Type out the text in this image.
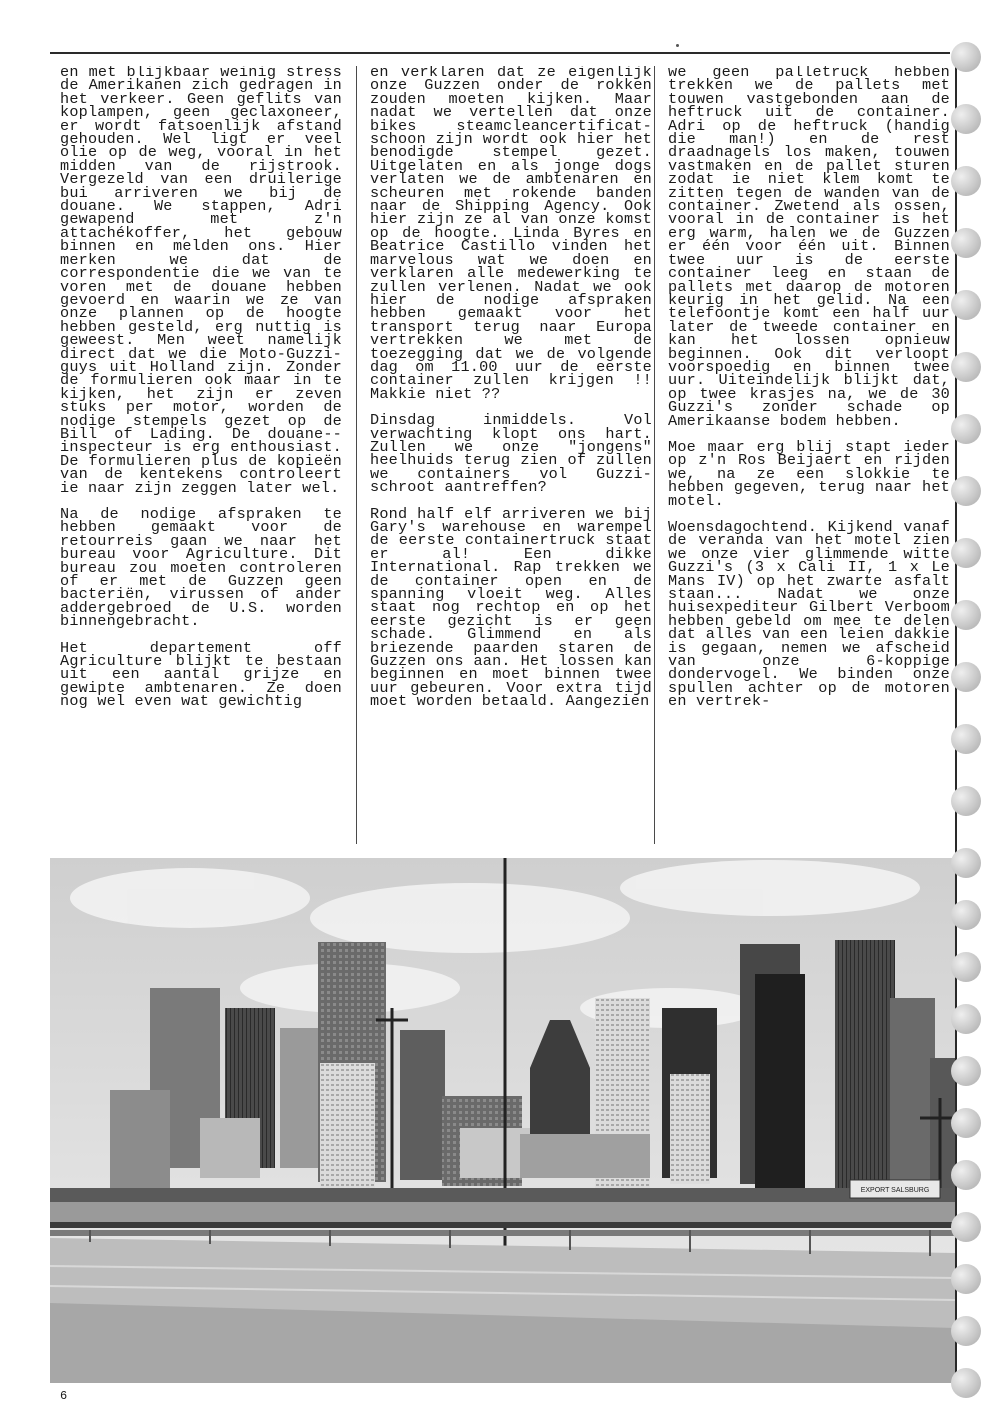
en met blijkbaar weinig stress de Amerikanen zich gedragen in het verkeer. Geen geflits van koplampen, geen geclaxoneer, er wordt fatsoenlijk afstand gehouden. Wel ligt er veel olie op de weg, vooral in het midden van de rijstrook. Vergezeld van een druilerige bui arriveren we bij de douane. We stappen, Adri gewapend met z'n attachékoffer, het gebouw binnen en melden ons. Hier merken we dat de correspondentie die we van te voren met de douane hebben gevoerd en waarin we ze van onze plannen op de hoogte hebben gesteld, erg nuttig is geweest. Men weet namelijk direct dat we die Moto-Guzzi-guys uit Holland zijn. Zonder de formulieren ook maar in te kijken, het zijn er zeven stuks per motor, worden de nodige stempels gezet op de Bill of Lading. De douane--inspecteur is erg enthousiast. De formulieren plus de kopieën van de kentekens controleert ie naar zijn zeggen later wel.

Na de nodige afspraken te hebben gemaakt voor de retourreis gaan we naar het bureau voor Agriculture. Dit bureau zou moeten controleren of er met de Guzzen geen bacteriën, virussen of ander addergebroed de U.S. worden binnengebracht.

Het departement off Agriculture blijkt te bestaan uit een aantal grijze en gewipte ambtenaren. Ze doen nog wel even wat gewichtig

en verklaren dat ze eigenlijk onze Guzzen onder de rokken zouden moeten kijken. Maar nadat we vertellen dat onze bikes steamcleancertificat-schoon zijn wordt ook hier het benodigde stempel gezet. Uitgelaten en als jonge dogs verlaten we de ambtenaren en scheuren met rokende banden naar de Shipping Agency. Ook hier zijn ze al van onze komst op de hoogte. Linda Byres en Beatrice Castillo vinden het marvelous wat we doen en verklaren alle medewerking te zullen verlenen. Nadat we ook hier de nodige afspraken hebben gemaakt voor het transport terug naar Europa vertrekken we met de toezegging dat we de volgende dag om 11.00 uur de eerste container zullen krijgen !! Makkie niet ??

Dinsdag inmiddels. Vol verwachting klopt ons hart. Zullen we onze "jongens" heelhuids terug zien of zullen we containers vol Guzzi-schroot aantreffen?

Rond half elf arriveren we bij Gary's warehouse en warempel de eerste containertruck staat er al! Een dikke International. Rap trekken we de container open en de spanning vloeit weg. Alles staat nog rechtop en op het eerste gezicht is er geen schade. Glimmend en als briezende paarden staren de Guzzen ons aan. Het lossen kan beginnen en moet binnen twee uur gebeuren. Voor extra tijd moet worden betaald. Aangezien

we geen palletruck hebben trekken we de pallets met touwen vastgebonden aan de heftruck uit de container. Adri op de heftruck (handig die man!) en de rest draadnagels los maken, touwen vastmaken en de pallet sturen zodat ie niet klem komt te zitten tegen de wanden van de container. Zwetend als ossen, vooral in de container is het erg warm, halen we de Guzzen er één voor één uit. Binnen twee uur is de eerste container leeg en staan de pallets met daarop de motoren keurig in het gelid. Na een telefoontje komt een half uur later de tweede container en kan het lossen opnieuw beginnen. Ook dit verloopt voorspoedig en binnen twee uur. Uiteindelijk blijkt dat, op twee krasjes na, we de 30 Guzzi's zonder schade op Amerikaanse bodem hebben.

Moe maar erg blij stapt ieder op z'n Ros Beijaert en rijden we, na ze een slokkie te hebben gegeven, terug naar het motel.

Woensdagochtend. Kijkend vanaf de veranda van het motel zien we onze vier glimmende witte Guzzi's (3 x Cali II, 1 x Le Mans IV) op het zwarte asfalt staan... Nadat we onze huisexpediteur Gilbert Verboom hebben gebeld om mee te delen dat alles van een leien dakkie is gegaan, nemen we afscheid van onze 6-koppige dondervogel. We binden onze spullen achter op de motoren en vertrek-

EXPORT SALSBURG
6
